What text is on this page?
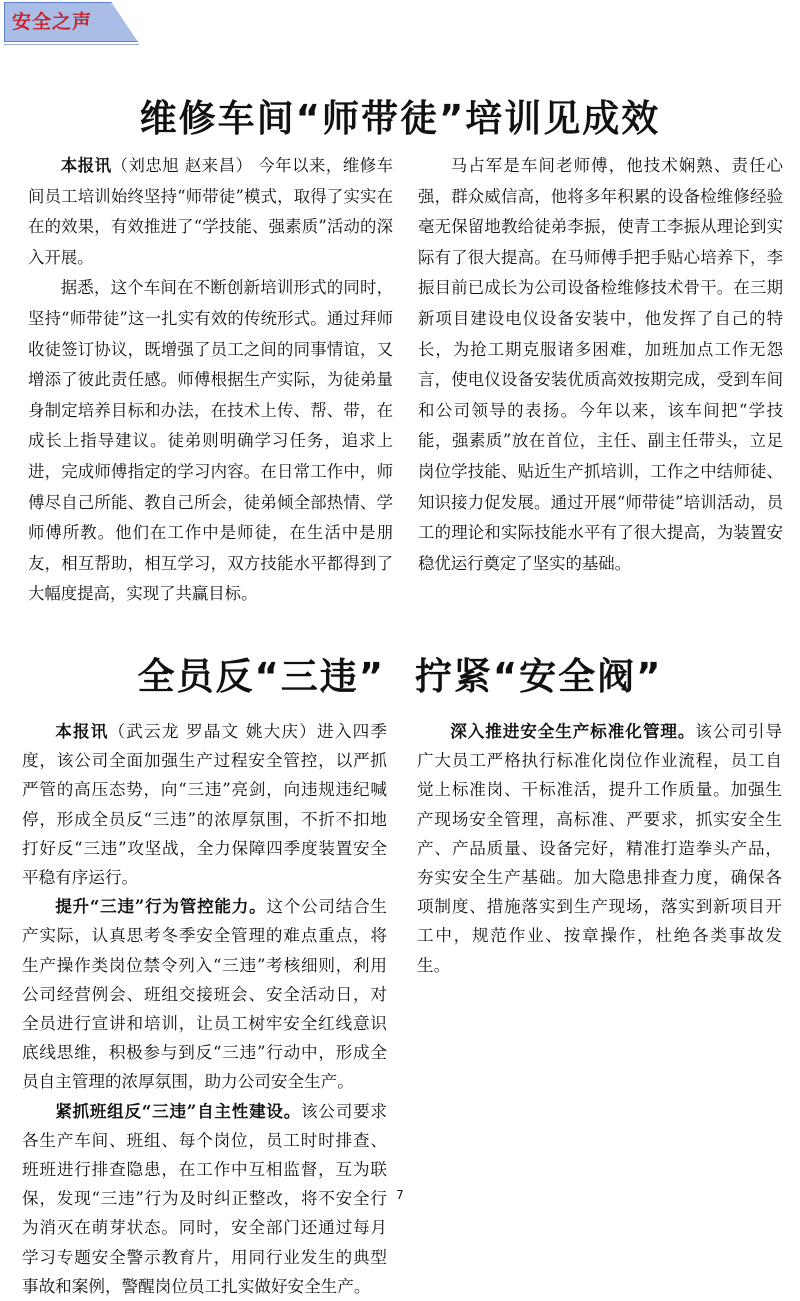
安全之声
维修车间“师带徒”培训见成效

本报讯（刘忠旭 赵来昌） 今年以来，维修车间员工培训始终坚持“师带徒”模式，取得了实实在在的效果，有效推进了“学技能、强素质”活动的深入开展。

据悉，这个车间在不断创新培训形式的同时，坚持“师带徒”这一扎实有效的传统形式。通过拜师收徒签订协议，既增强了员工之间的同事情谊，又增添了彼此责任感。师傅根据生产实际，为徒弟量身制定培养目标和办法，在技术上传、帮、带，在成长上指导建议。徒弟则明确学习任务，追求上进，完成师傅指定的学习内容。在日常工作中，师傅尽自己所能、教自己所会，徒弟倾全部热情、学师傅所教。他们在工作中是师徒，在生活中是朋友，相互帮助，相互学习，双方技能水平都得到了大幅度提高，实现了共赢目标。

马占军是车间老师傅，他技术娴熟、责任心强，群众威信高，他将多年积累的设备检维修经验毫无保留地教给徒弟李振，使青工李振从理论到实际有了很大提高。在马师傅手把手贴心培养下，李振目前已成长为公司设备检维修技术骨干。在三期新项目建设电仪设备安装中，他发挥了自己的特长，为抢工期克服诸多困难，加班加点工作无怨言，使电仪设备安装优质高效按期完成，受到车间和公司领导的表扬。今年以来，该车间把“学技能，强素质”放在首位，主任、副主任带头，立足岗位学技能、贴近生产抓培训，工作之中结师徒、知识接力促发展。通过开展“师带徒”培训活动，员工的理论和实际技能水平有了很大提高，为装置安稳优运行奠定了坚实的基础。

全员反“三违”  拧紧“安全阀”

本报讯（武云龙 罗晶文 姚大庆）进入四季度，该公司全面加强生产过程安全管控，以严抓严管的高压态势，向“三违”亮剑，向违规违纪喊停，形成全员反“三违”的浓厚氛围，不折不扣地打好反“三违”攻坚战，全力保障四季度装置安全平稳有序运行。

提升“三违”行为管控能力。这个公司结合生产实际，认真思考冬季安全管理的难点重点，将生产操作类岗位禁令列入“三违”考核细则，利用公司经营例会、班组交接班会、安全活动日，对全员进行宣讲和培训，让员工树牢安全红线意识底线思维，积极参与到反“三违”行动中，形成全员自主管理的浓厚氛围，助力公司安全生产。

紧抓班组反“三违”自主性建设。该公司要求各生产车间、班组、每个岗位，员工时时排查、班班进行排查隐患，在工作中互相监督，互为联保，发现“三违”行为及时纠正整改，将不安全行为消灭在萌芽状态。同时，安全部门还通过每月学习专题安全警示教育片，用同行业发生的典型事故和案例，警醒岗位员工扎实做好安全生产。

深入推进安全生产标准化管理。该公司引导广大员工严格执行标准化岗位作业流程，员工自觉上标准岗、干标准活，提升工作质量。加强生产现场安全管理，高标准、严要求，抓实安全生产、产品质量、设备完好，精准打造拳头产品，夯实安全生产基础。加大隐患排查力度，确保各项制度、措施落实到生产现场，落实到新项目开工中，规范作业、按章操作，杜绝各类事故发生。

7
